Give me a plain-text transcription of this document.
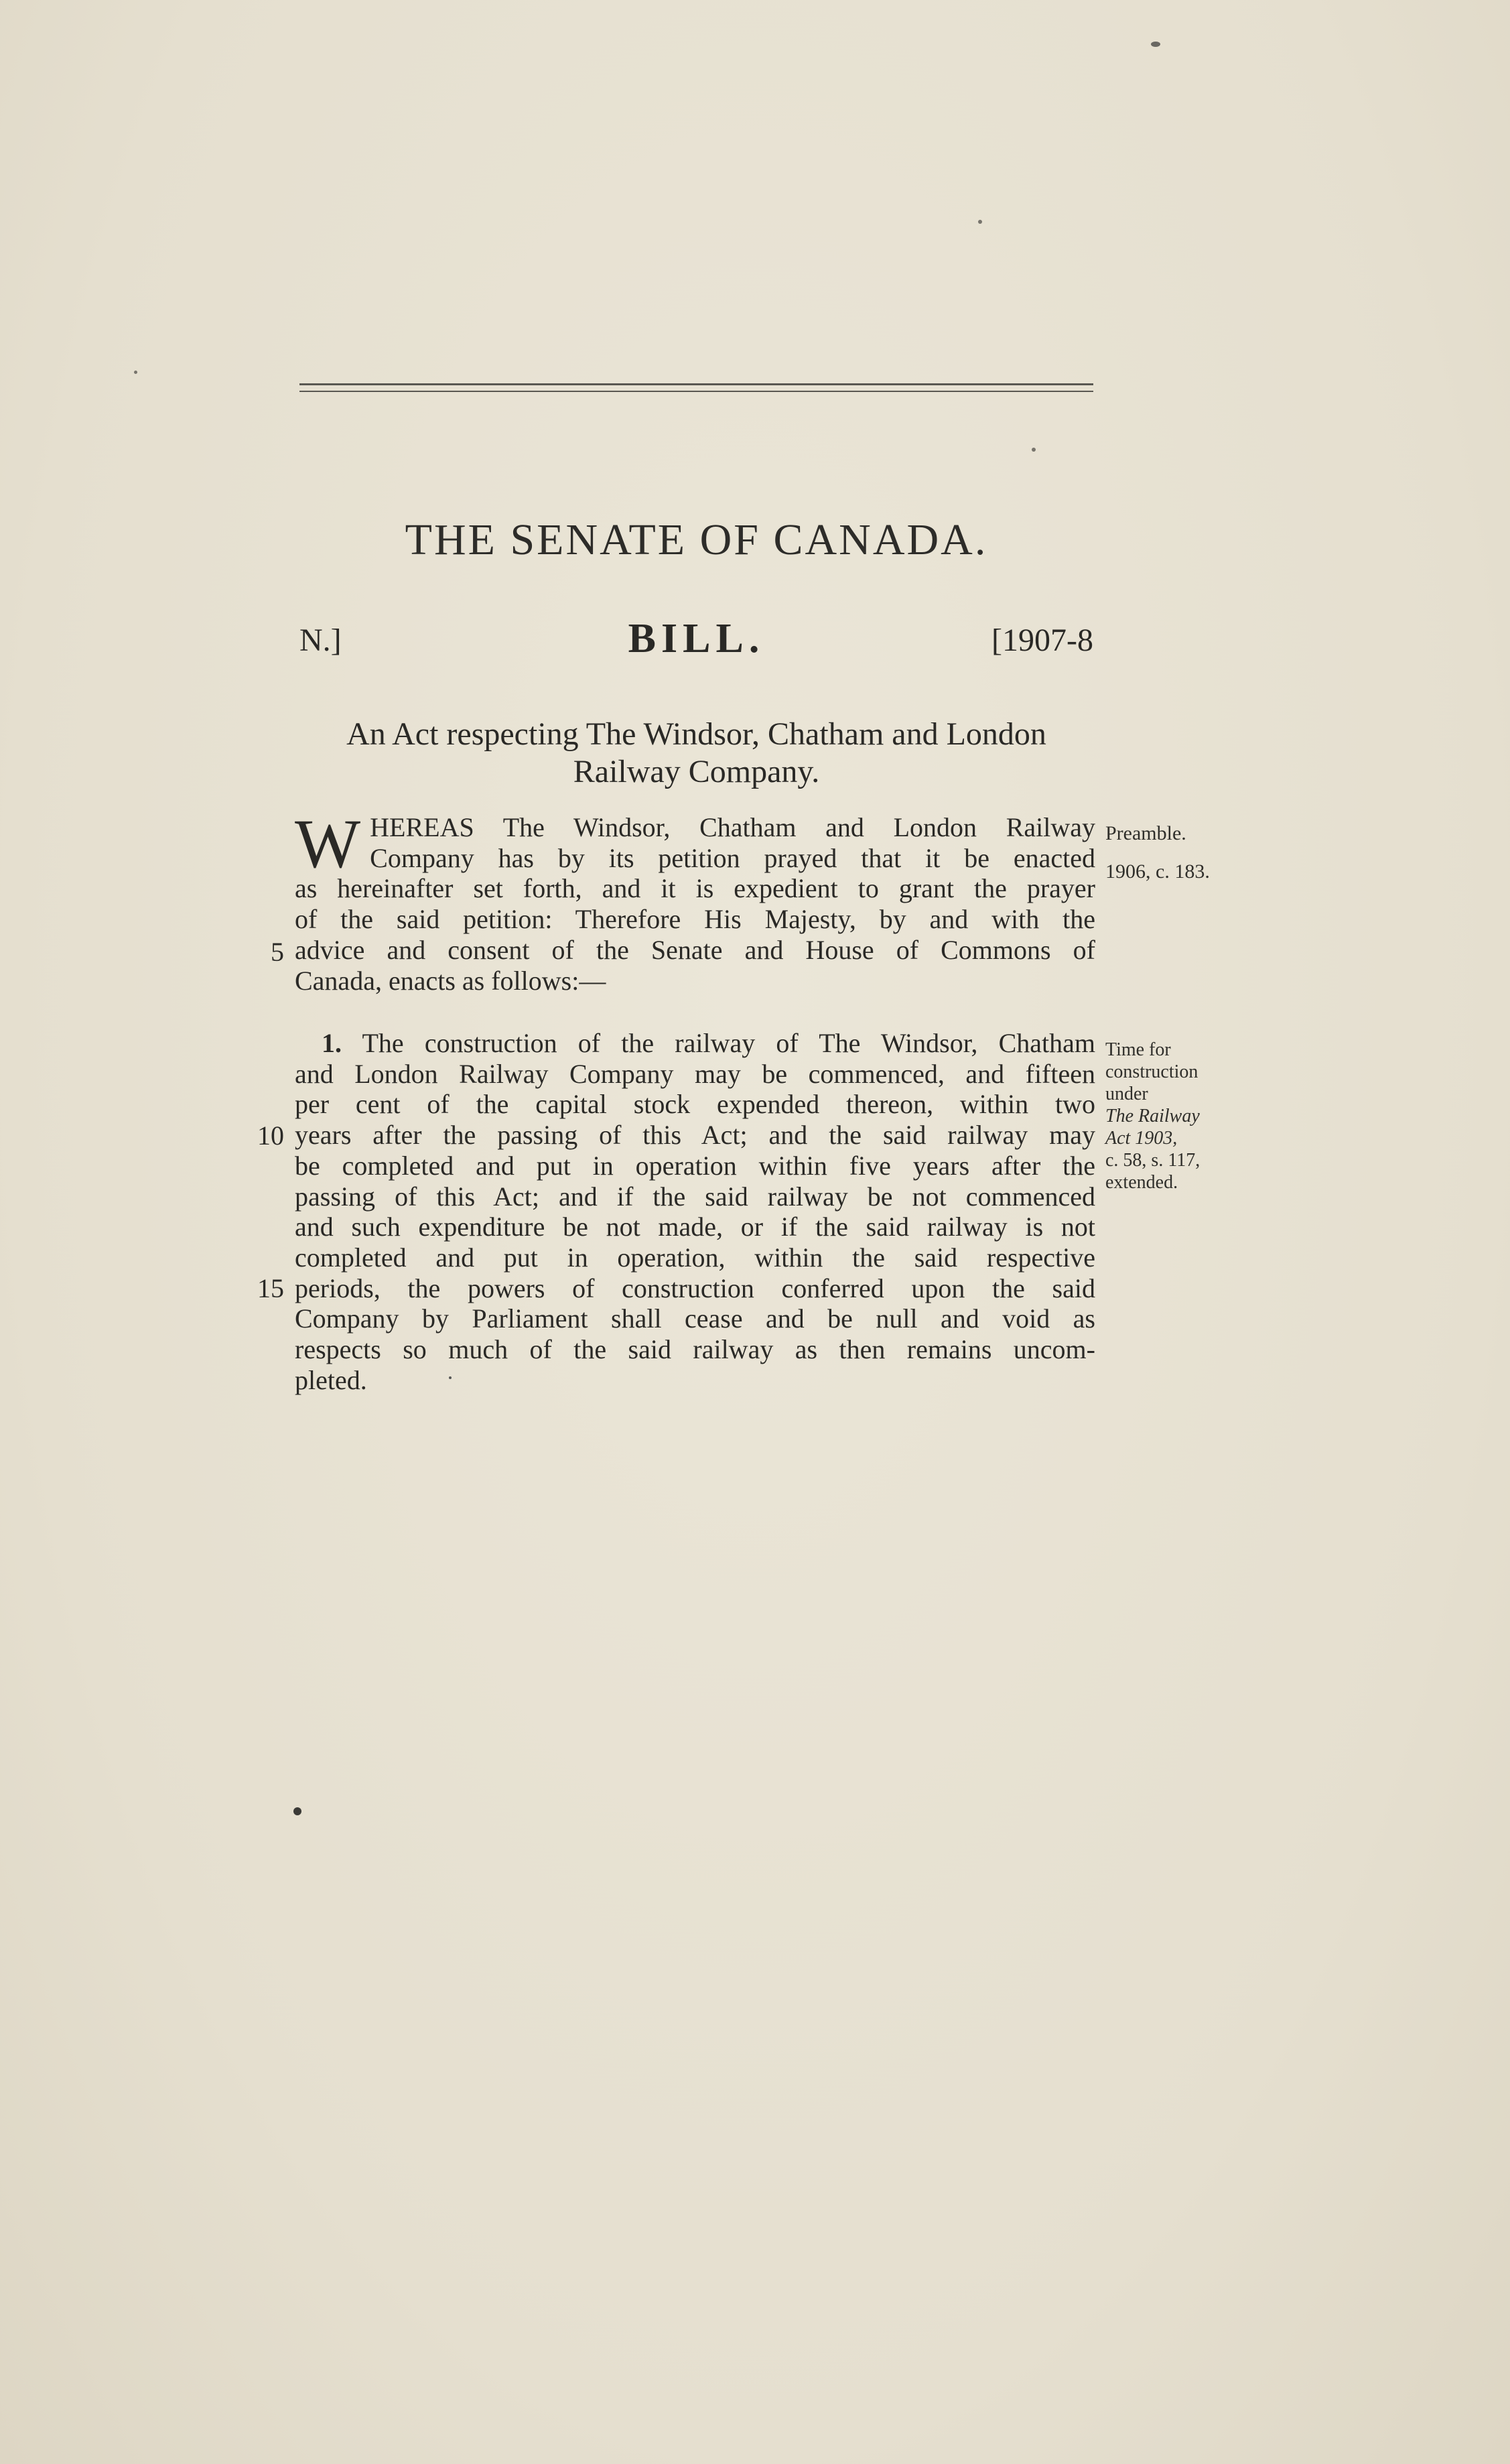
THE SENATE OF CANADA.
N.]	BILL.	[1907-8
An Act respecting The Windsor, Chatham and London
Railway Company.
W HEREAS The Windsor, Chatham and London Railway
Company has by its petition prayed that it be enacted
as hereinafter set forth, and it is expedient to grant the prayer
of the said petition: Therefore His Majesty, by and with the
advice and consent of the Senate and House of Commons of
Canada, enacts as follows:—
Preamble.
1906, c. 183.
1. The construction of the railway of The Windsor, Chatham
and London Railway Company may be commenced, and fifteen
per cent of the capital stock expended thereon, within two
years after the passing of this Act; and the said railway may
be completed and put in operation within five years after the
passing of this Act; and if the said railway be not commenced
and such expenditure be not made, or if the said railway is not
completed and put in operation, within the said respective
periods, the powers of construction conferred upon the said
Company by Parliament shall cease and be null and void as
respects so much of the said railway as then remains uncom-
pleted.
Time for
construction
under
The Railway
Act 1903,
c. 58, s. 117,
extended.
5
10
15
